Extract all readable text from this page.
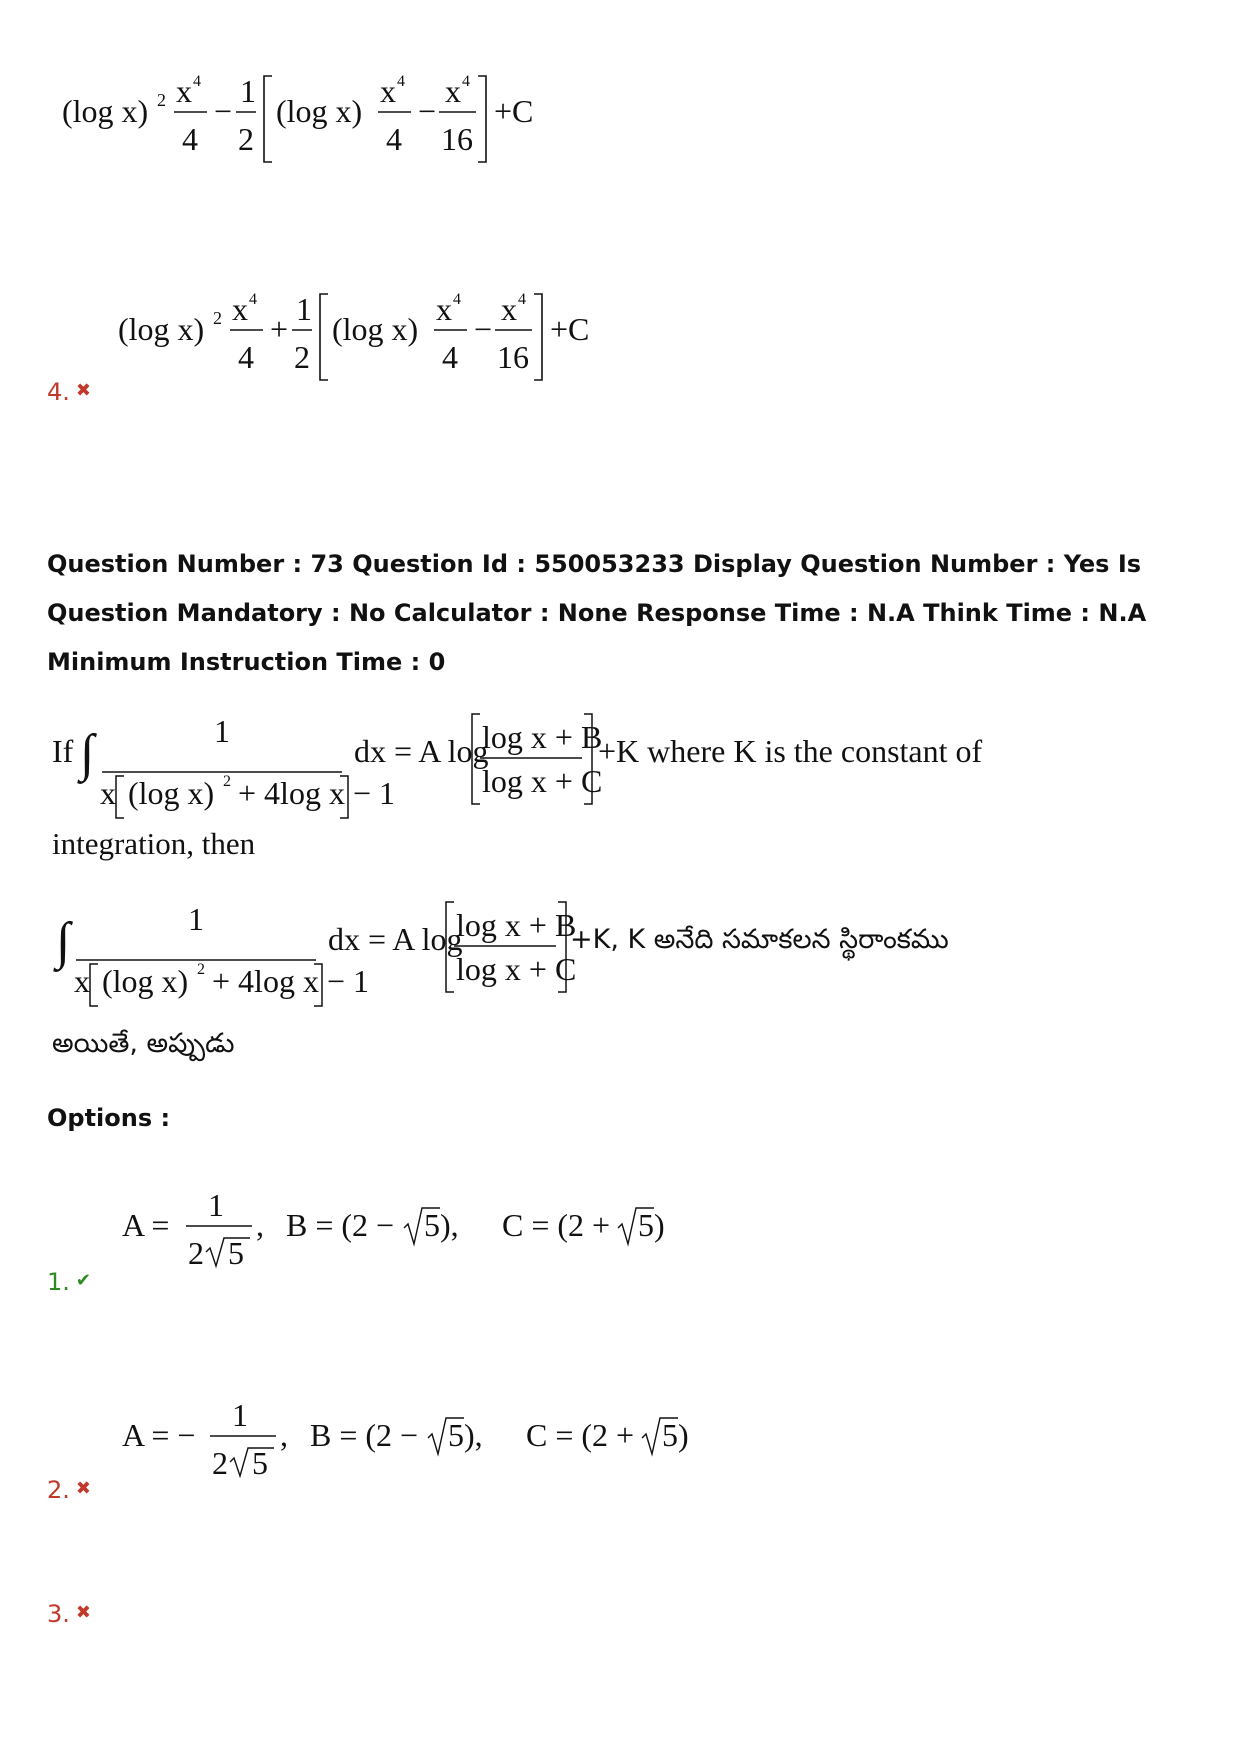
(log x) 2 x 4
4
−
1
2
(log x)
x 4
4
−
x 4
16
+C
(log x) 2 x 4
4
+
1
2
(log x)
x 4
4
−
x 4
16
+C
4. ✖
Question Number : 73 Question Id : 550053233 Display Question Number : Yes Is Question Mandatory : No Calculator : None Response Time : N.A Think Time : N.A Minimum Instruction Time : 0
If ∫	1
x (log x) 2 + 4log x − 1
dx = A log
log x + B
log x + C
+K where K is the constant of
integration, then
∫	1
x (log x) 2 + 4log x − 1
dx = A log
log x + B
log x + C
+K, K అనేది సమాకలన స్థిరాంకము
అయితే, అప్పుడు
Options :
A =
1
2 5
, B = (2 − 5), C = (2 + 5)
1. ✔
A = −
1
2 5
, B = (2 − 5), C = (2 + 5)
2. ✖
3. ✖
